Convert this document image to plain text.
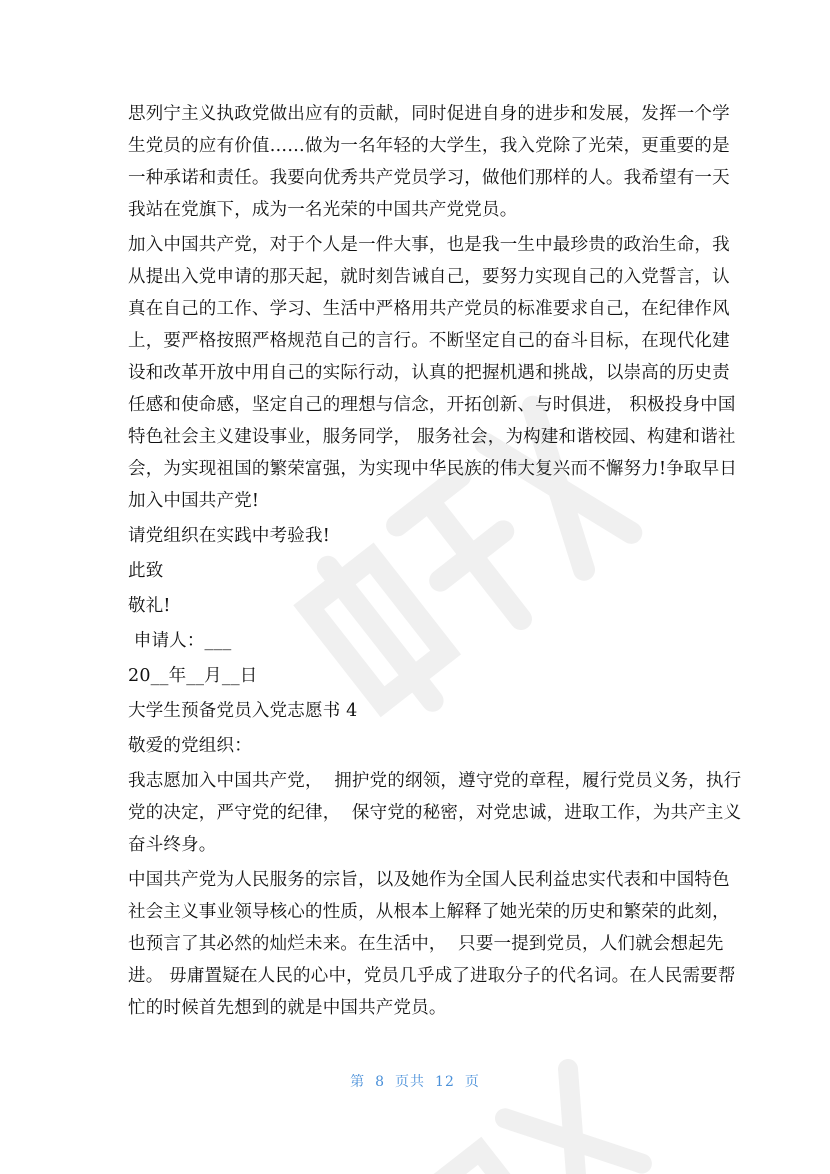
思列宁主义执政党做出应有的贡献，同时促进自身的进步和发展，发挥一个学
生党员的应有价值……做为一名年轻的大学生，我入党除了光荣，更重要的是
一种承诺和责任。我要向优秀共产党员学习，做他们那样的人。我希望有一天
我站在党旗下，成为一名光荣的中国共产党党员。
加入中国共产党，对于个人是一件大事，也是我一生中最珍贵的政治生命，我
从提出入党申请的那天起，就时刻告诫自己，要努力实现自己的入党誓言，认
真在自己的工作、学习、生活中严格用共产党员的标准要求自己，在纪律作风
上，要严格按照严格规范自己的言行。不断坚定自己的奋斗目标，在现代化建
设和改革开放中用自己的实际行动，认真的把握机遇和挑战，以崇高的历史责
任感和使命感，坚定自己的理想与信念，开拓创新、与时俱进， 积极投身中国
特色社会主义建设事业，服务同学， 服务社会，为构建和谐校园、构建和谐社
会，为实现祖国的繁荣富强，为实现中华民族的伟大复兴而不懈努力!争取早日
加入中国共产党!
请党组织在实践中考验我!
此致
敬礼!
申请人：___
20__年__月__日
大学生预备党员入党志愿书 4
敬爱的党组织：
我志愿加入中国共产党，  拥护党的纲领，遵守党的章程，履行党员义务，执行
党的决定，严守党的纪律，  保守党的秘密，对党忠诚，进取工作，为共产主义
奋斗终身。
中国共产党为人民服务的宗旨，以及她作为全国人民利益忠实代表和中国特色
社会主义事业领导核心的性质，从根本上解释了她光荣的历史和繁荣的此刻，
也预言了其必然的灿烂未来。在生活中，  只要一提到党员，人们就会想起先
进。 毋庸置疑在人民的心中，党员几乎成了进取分子的代名词。在人民需要帮
忙的时候首先想到的就是中国共产党员。
第 8 页共 12 页
